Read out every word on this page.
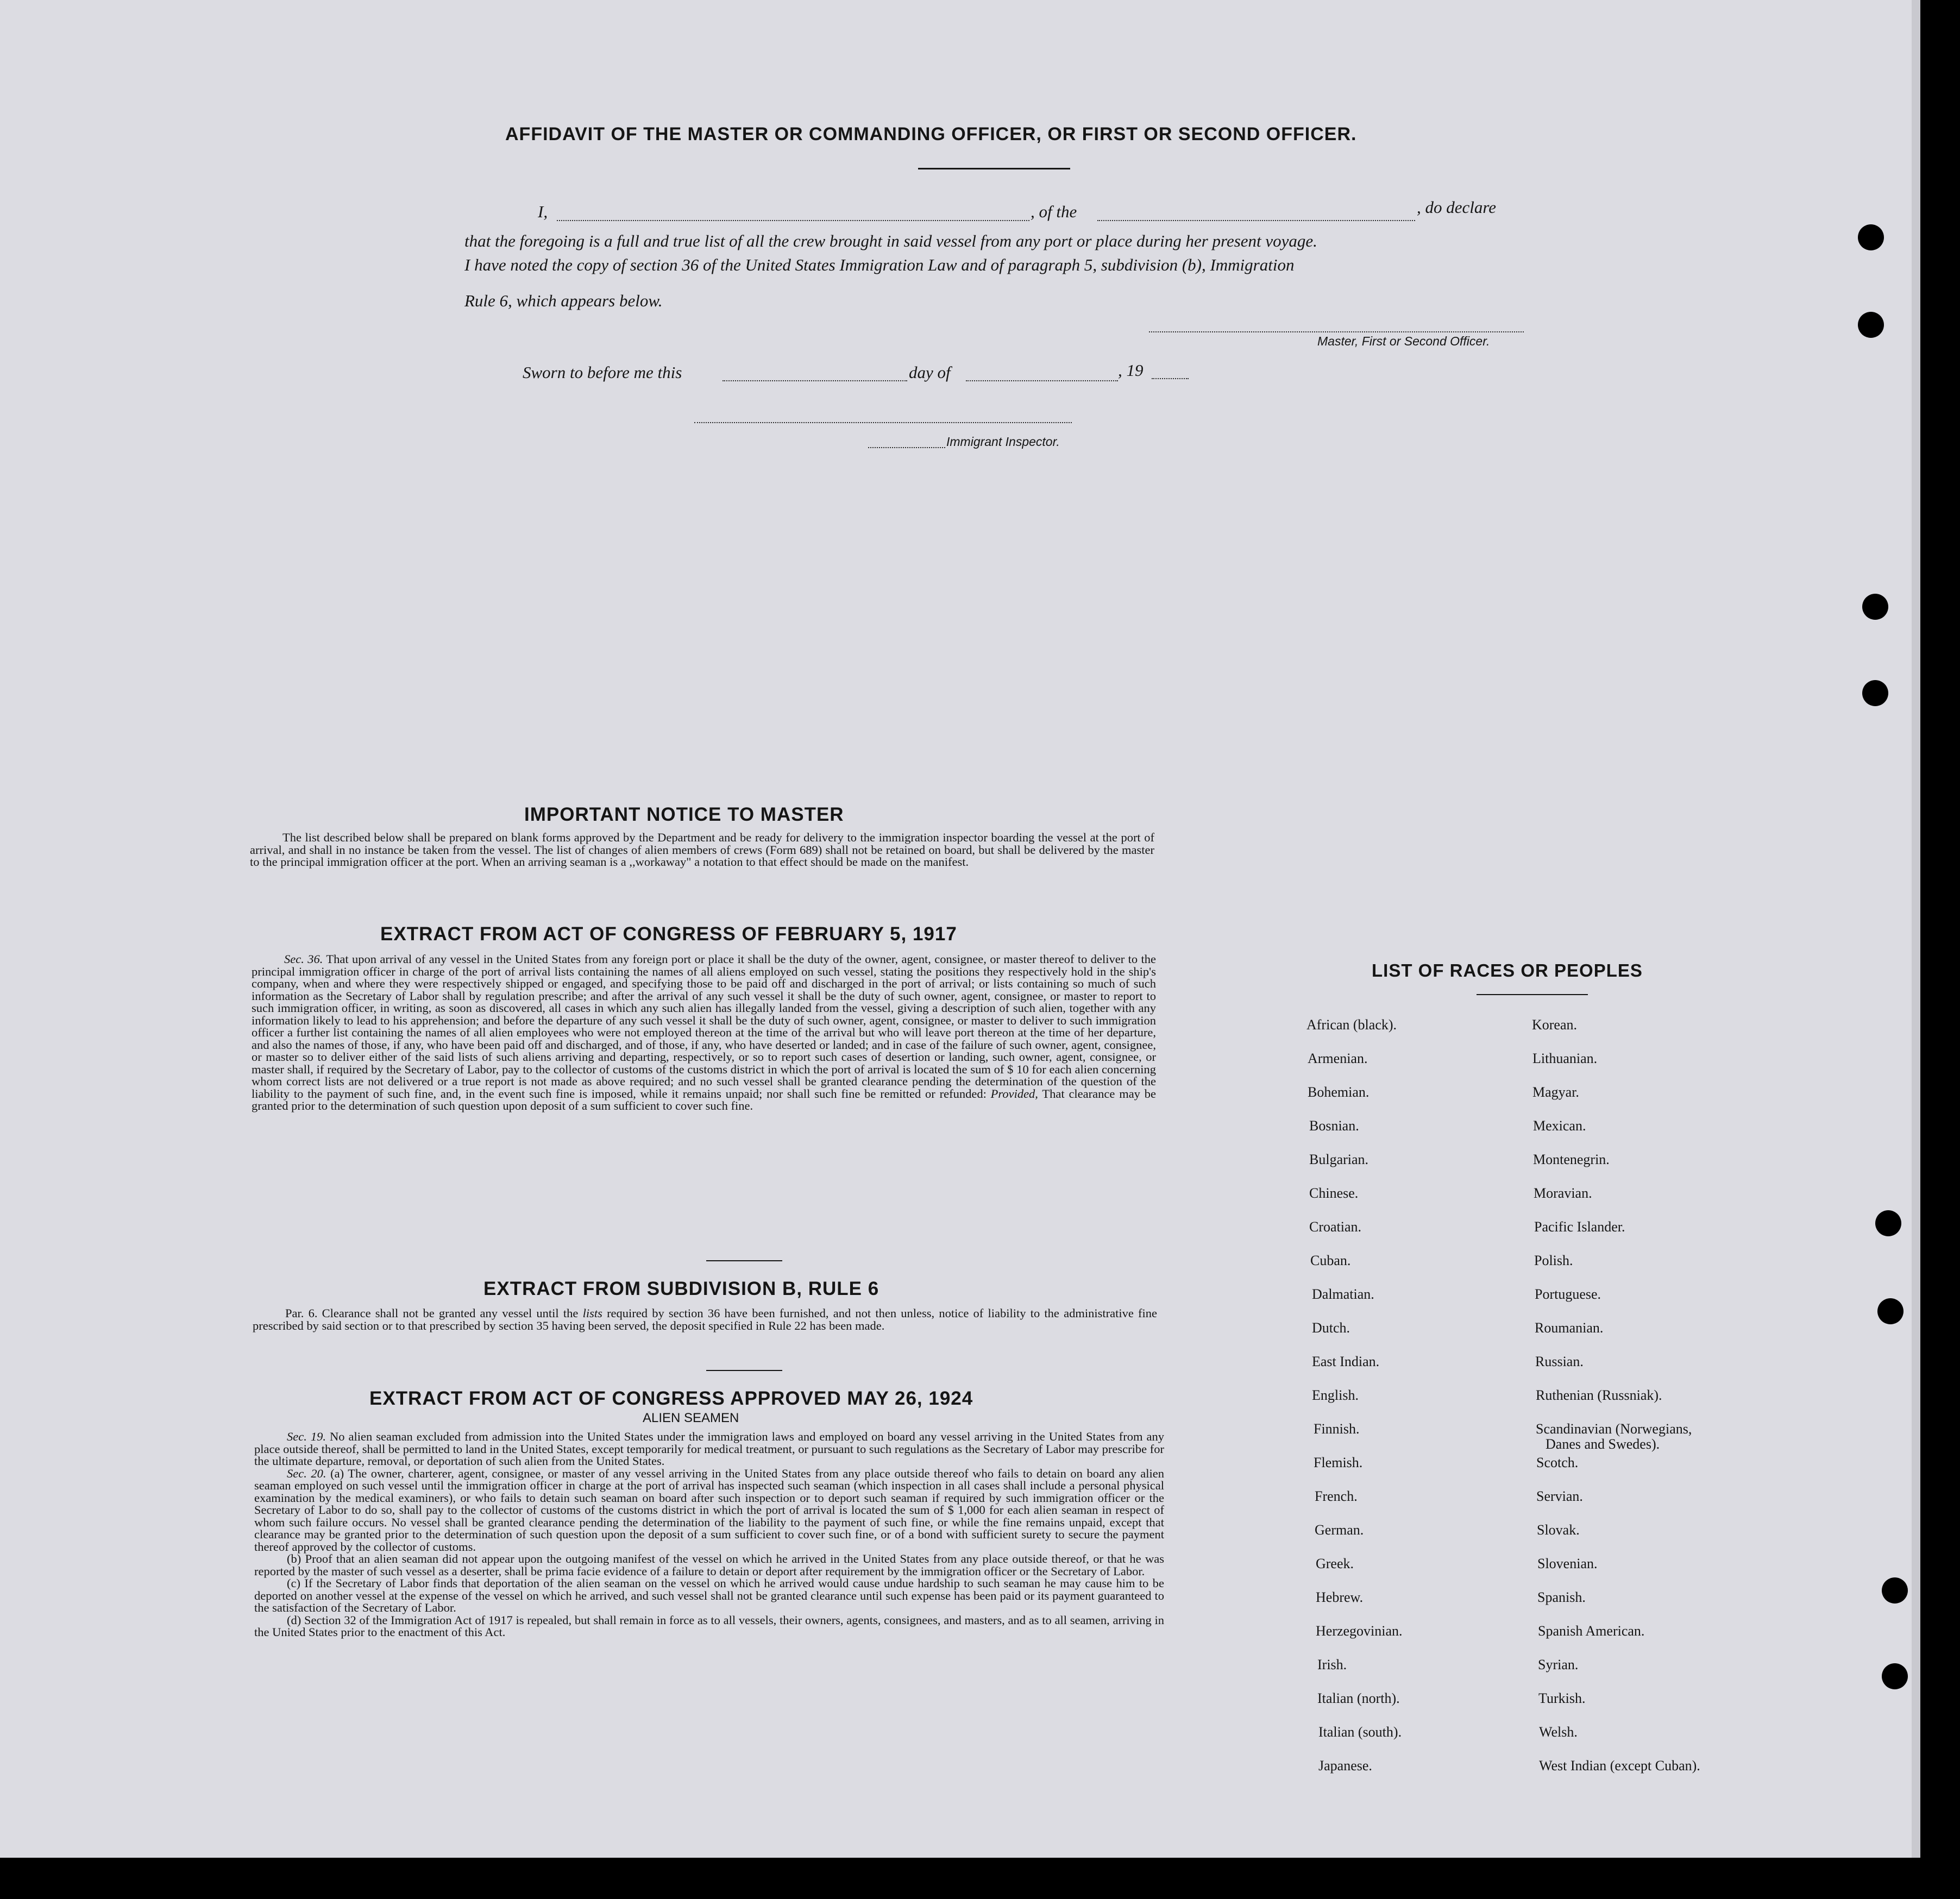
AFFIDAVIT OF THE MASTER OR COMMANDING OFFICER, OR FIRST OR SECOND OFFICER.
I,	, of the	, do declare
that the foregoing is a full and true list of all the crew brought in said vessel from any port or place during her present voyage.
I have noted the copy of section 36 of the United States Immigration Law and of paragraph 5, subdivision (b), Immigration
Rule 6, which appears below.
Master, First or Second Officer.
Sworn to before me this	day of	, 19
Immigrant Inspector.
IMPORTANT NOTICE TO MASTER

The list described below shall be prepared on blank forms approved by the Department and be ready for delivery to the immigration inspector boarding the vessel at the port of arrival, and shall in no instance be taken from the vessel. The list of changes of alien members of crews (Form 689) shall not be retained on board, but shall be delivered by the master to the principal immigration officer at the port. When an arriving seaman is a ,,workaway" a notation to that effect should be made on the manifest.

EXTRACT FROM ACT OF CONGRESS OF FEBRUARY 5, 1917

Sec. 36. That upon arrival of any vessel in the United States from any foreign port or place it shall be the duty of the owner, agent, consignee, or master thereof to deliver to the principal immigration officer in charge of the port of arrival lists containing the names of all aliens employed on such vessel, stating the positions they respectively hold in the ship's company, when and where they were respectively shipped or engaged, and specifying those to be paid off and discharged in the port of arrival; or lists containing so much of such information as the Secretary of Labor shall by regulation prescribe; and after the arrival of any such vessel it shall be the duty of such owner, agent, consignee, or master to report to such immigration officer, in writing, as soon as discovered, all cases in which any such alien has illegally landed from the vessel, giving a description of such alien, together with any information likely to lead to his apprehension; and before the departure of any such vessel it shall be the duty of such owner, agent, consignee, or master to deliver to such immigration officer a further list containing the names of all alien employees who were not employed thereon at the time of the arrival but who will leave port thereon at the time of her departure, and also the names of those, if any, who have been paid off and discharged, and of those, if any, who have deserted or landed; and in case of the failure of such owner, agent, consignee, or master so to deliver either of the said lists of such aliens arriving and departing, respectively, or so to report such cases of desertion or landing, such owner, agent, consignee, or master shall, if required by the Secretary of Labor, pay to the collector of customs of the customs district in which the port of arrival is located the sum of $ 10 for each alien concerning whom correct lists are not delivered or a true report is not made as above required; and no such vessel shall be granted clearance pending the determination of the question of the liability to the payment of such fine, and, in the event such fine is imposed, while it remains unpaid; nor shall such fine be remitted or refunded: Provided, That clearance may be granted prior to the determination of such question upon deposit of a sum sufficient to cover such fine.

EXTRACT FROM SUBDIVISION B, RULE 6

Par. 6. Clearance shall not be granted any vessel until the lists required by section 36 have been furnished, and not then unless, notice of liability to the administrative fine prescribed by said section or to that prescribed by section 35 having been served, the deposit specified in Rule 22 has been made.

EXTRACT FROM ACT OF CONGRESS APPROVED MAY 26, 1924
ALIEN SEAMEN

Sec. 19. No alien seaman excluded from admission into the United States under the immigration laws and employed on board any vessel arriving in the United States from any place outside thereof, shall be permitted to land in the United States, except temporarily for medical treatment, or pursuant to such regulations as the Secretary of Labor may prescribe for the ultimate departure, removal, or deportation of such alien from the United States.

Sec. 20. (a) The owner, charterer, agent, consignee, or master of any vessel arriving in the United States from any place outside thereof who fails to detain on board any alien seaman employed on such vessel until the immigration officer in charge at the port of arrival has inspected such seaman (which inspection in all cases shall include a personal physical examination by the medical examiners), or who fails to detain such seaman on board after such inspection or to deport such seaman if required by such immigration officer or the Secretary of Labor to do so, shall pay to the collector of customs of the customs district in which the port of arrival is located the sum of $ 1,000 for each alien seaman in respect of whom such failure occurs. No vessel shall be granted clearance pending the determination of the liability to the payment of such fine, or while the fine remains unpaid, except that clearance may be granted prior to the determination of such question upon the deposit of a sum sufficient to cover such fine, or of a bond with sufficient surety to secure the payment thereof approved by the collector of customs.

(b) Proof that an alien seaman did not appear upon the outgoing manifest of the vessel on which he arrived in the United States from any place outside thereof, or that he was reported by the master of such vessel as a deserter, shall be prima facie evidence of a failure to detain or deport after requirement by the immigration officer or the Secretary of Labor.

(c) If the Secretary of Labor finds that deportation of the alien seaman on the vessel on which he arrived would cause undue hardship to such seaman he may cause him to be deported on another vessel at the expense of the vessel on which he arrived, and such vessel shall not be granted clearance until such expense has been paid or its payment guaranteed to the satisfaction of the Secretary of Labor.

(d) Section 32 of the Immigration Act of 1917 is repealed, but shall remain in force as to all vessels, their owners, agents, consignees, and masters, and as to all seamen, arriving in the United States prior to the enactment of this Act.

LIST OF RACES OR PEOPLES
African (black).
Armenian.
Bohemian.
Bosnian.
Bulgarian.
Chinese.
Croatian.
Cuban.
Dalmatian.
Dutch.
East Indian.
English.
Finnish.
Flemish.
French.
German.
Greek.
Hebrew.
Herzegovinian.
Irish.
Italian (north).
Italian (south).
Japanese.
Korean.
Lithuanian.
Magyar.
Mexican.
Montenegrin.
Moravian.
Pacific Islander.
Polish.
Portuguese.
Roumanian.
Russian.
Ruthenian (Russniak).
Scandinavian (Norwegians,
Danes and Swedes).
Scotch.
Servian.
Slovak.
Slovenian.
Spanish.
Spanish American.
Syrian.
Turkish.
Welsh.
West Indian (except Cuban).
